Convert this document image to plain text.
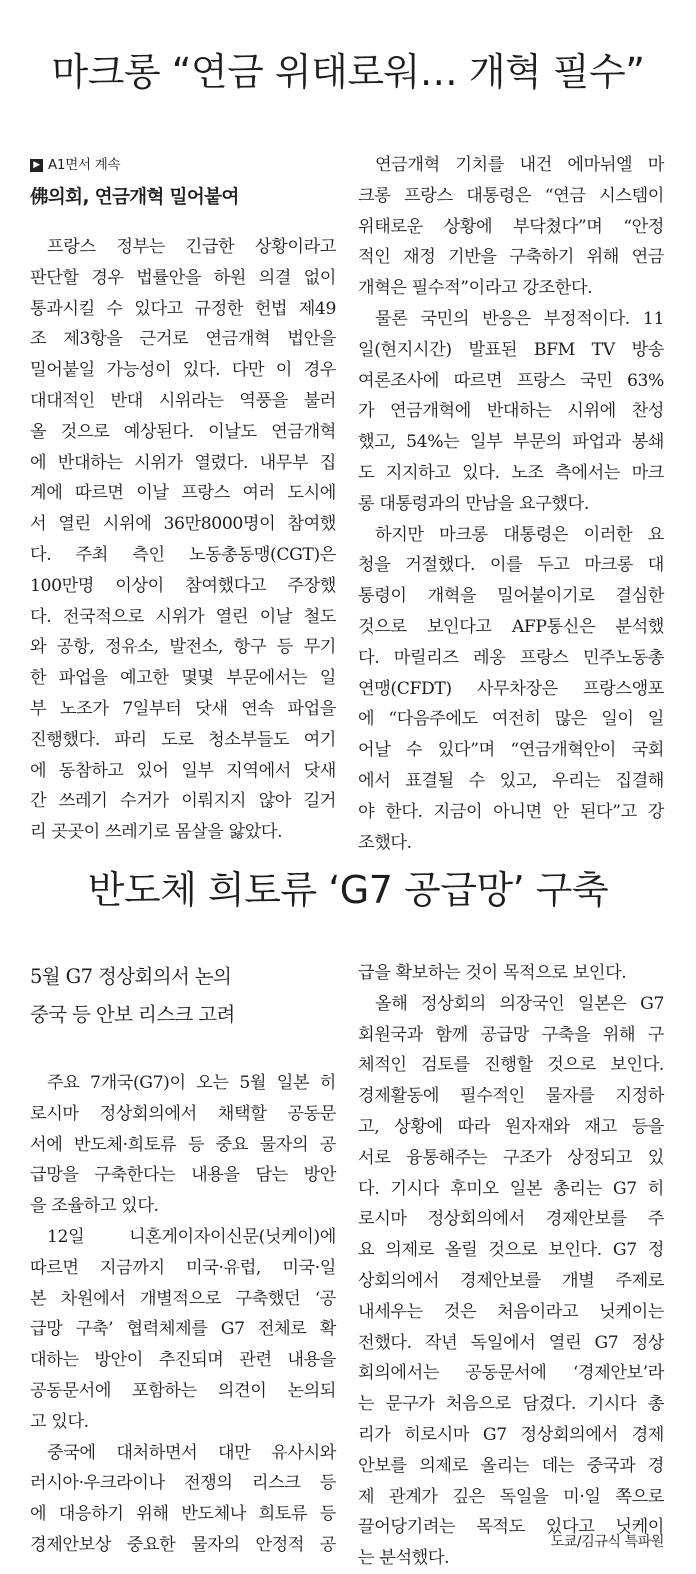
마크롱 “연금 위태로워… 개혁 필수”
▶ A1면서 계속
佛의회, 연금개혁 밀어붙여

프랑스 정부는 긴급한 상황이라고

판단할 경우 법률안을 하원 의결 없이

통과시킬 수 있다고 규정한 헌법 제49

조 제3항을 근거로 연금개혁 법안을

밀어붙일 가능성이 있다. 다만 이 경우

대대적인 반대 시위라는 역풍을 불러

올 것으로 예상된다. 이날도 연금개혁

에 반대하는 시위가 열렸다. 내무부 집

계에 따르면 이날 프랑스 여러 도시에

서 열린 시위에 36만8000명이 참여했

다. 주최 측인 노동총동맹(CGT)은

100만명 이상이 참여했다고 주장했

다. 전국적으로 시위가 열린 이날 철도

와 공항, 정유소, 발전소, 항구 등 무기

한 파업을 예고한 몇몇 부문에서는 일

부 노조가 7일부터 닷새 연속 파업을

진행했다. 파리 도로 청소부들도 여기

에 동참하고 있어 일부 지역에서 닷새

간 쓰레기 수거가 이뤄지지 않아 길거

리 곳곳이 쓰레기로 몸살을 앓았다.

연금개혁 기치를 내건 에마뉘엘 마

크롱 프랑스 대통령은 “연금 시스템이

위태로운 상황에 부닥쳤다”며 “안정

적인 재정 기반을 구축하기 위해 연금

개혁은 필수적”이라고 강조한다.

물론 국민의 반응은 부정적이다. 11

일(현지시간) 발표된 BFM TV 방송

여론조사에 따르면 프랑스 국민 63%

가 연금개혁에 반대하는 시위에 찬성

했고, 54%는 일부 부문의 파업과 봉쇄

도 지지하고 있다. 노조 측에서는 마크

롱 대통령과의 만남을 요구했다.

하지만 마크롱 대통령은 이러한 요

청을 거절했다. 이를 두고 마크롱 대

통령이 개혁을 밀어붙이기로 결심한

것으로 보인다고 AFP통신은 분석했

다. 마릴리즈 레옹 프랑스 민주노동총

연맹(CFDT) 사무차장은 프랑스앵포

에 “다음주에도 여전히 많은 일이 일

어날 수 있다”며 “연금개혁안이 국회

에서 표결될 수 있고, 우리는 집결해

야 한다. 지금이 아니면 안 된다”고 강

조했다.

반도체 희토류 ‘G7 공급망’ 구축
5월 G7 정상회의서 논의
중국 등 안보 리스크 고려

주요 7개국(G7)이 오는 5월 일본 히

로시마 정상회의에서 채택할 공동문

서에 반도체·희토류 등 중요 물자의 공

급망을 구축한다는 내용을 담는 방안

을 조율하고 있다.

12일 니혼게이자이신문(닛케이)에

따르면 지금까지 미국·유럽, 미국·일

본 차원에서 개별적으로 구축했던 ‘공

급망 구축’ 협력체제를 G7 전체로 확

대하는 방안이 추진되며 관련 내용을

공동문서에 포함하는 의견이 논의되

고 있다.

중국에 대처하면서 대만 유사시와

러시아·우크라이나 전쟁의 리스크 등

에 대응하기 위해 반도체나 희토류 등

경제안보상 중요한 물자의 안정적 공

급을 확보하는 것이 목적으로 보인다.

올해 정상회의 의장국인 일본은 G7

회원국과 함께 공급망 구축을 위해 구

체적인 검토를 진행할 것으로 보인다.

경제활동에 필수적인 물자를 지정하

고, 상황에 따라 원자재와 재고 등을

서로 융통해주는 구조가 상정되고 있

다. 기시다 후미오 일본 총리는 G7 히

로시마 정상회의에서 경제안보를 주

요 의제로 올릴 것으로 보인다. G7 정

상회의에서 경제안보를 개별 주제로

내세우는 것은 처음이라고 닛케이는

전했다. 작년 독일에서 열린 G7 정상

회의에서는 공동문서에 ‘경제안보’라

는 문구가 처음으로 담겼다. 기시다 총

리가 히로시마 G7 정상회의에서 경제

안보를 의제로 올리는 데는 중국과 경

제 관계가 깊은 독일을 미·일 쪽으로

끌어당기려는 목적도 있다고 닛케이

는 분석했다.

도쿄/김규식 특파원
